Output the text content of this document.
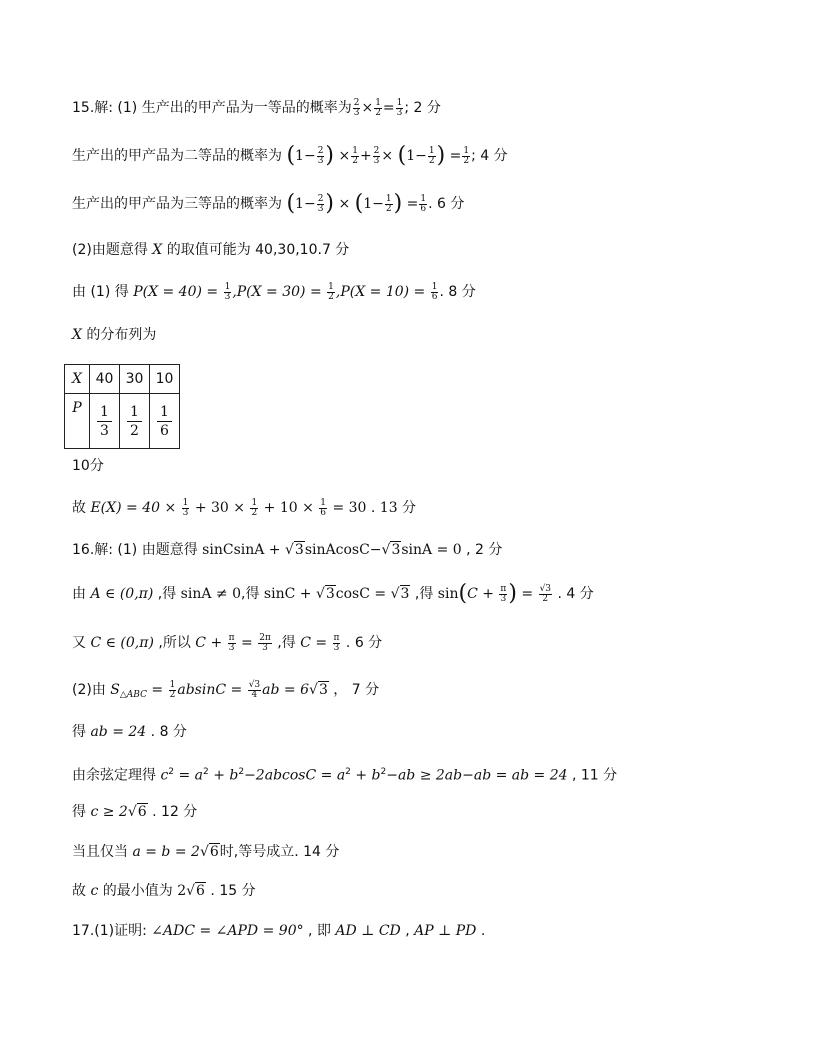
15.解: (1) 生产出的甲产品为一等品的概率为 $\frac{2}{3} \times \frac{1}{2} = \frac{1}{3}$ ; 2 分
生产出的甲产品为二等品的概率为 ($1- \frac{2}{3}$ ) × $\frac{1}{2} + \frac{2}{3} \times (1- \frac{1}{2}$ ) = $\frac{1}{2}$ ; 4 分
生产出的甲产品为三等品的概率为 ($1- \frac{2}{3}$ ) × ($1- \frac{1}{2}$ ) = $\frac{1}{6}$ . 6 分
(2)由题意得 X 的取值可能为 40,30,10.7 分
由 (1) 得 $P(X = 40) = \frac{1}{3} ,P(X = 30) = \frac{1}{2} ,P(X = 10) = \frac{1}{6}$ . 8 分
X 的分布列为
X	40	30	10
P	$\frac{1}{3}$	$\frac{1}{2}$	$\frac{1}{6}$
10分
故 $E(X) = 40 \times \frac{1}{3} + 30 \times \frac{1}{2} + 10 \times \frac{1}{6} = 30$ . 13 分
16.解: (1) 由题意得 sinCsinA + √3sinAcosC−√3sinA = 0 , 2 分
由 A ∈ (0,π) ,得 sinA ≠ 0,得 sinC + √3cosC = √3 ,得 $\sin(C + \frac{\pi}{3}$ ) = $\frac{√3}{2}$ . 4 分
又 C ∈ (0,π) ,所以 $C + \frac{\pi}{3} = \frac{2\pi}{3}$ ,得 $C = \frac{\pi}{3}$ . 6 分
(2)由 $S_{\triangle ABC} = \frac{1}{2}$ $absinC = \frac{√3}{4}$ ab = 6√3 ， 7 分
得 ab = 24 . 8 分
由余弦定理得 $c^2 = a^2 + b^2-2abcosC = a^2 + b^2-ab \ge 2ab-ab$ = ab = 24 , 11 分
得 c ≥ 2√6 . 12 分
当且仅当 a = b = 2√6时,等号成立. 14 分
故 c 的最小值为 2√6 . 15 分
17.(1)证明: ∠ADC = ∠APD = 90° , 即 AD ⊥ CD , AP ⊥ PD .
